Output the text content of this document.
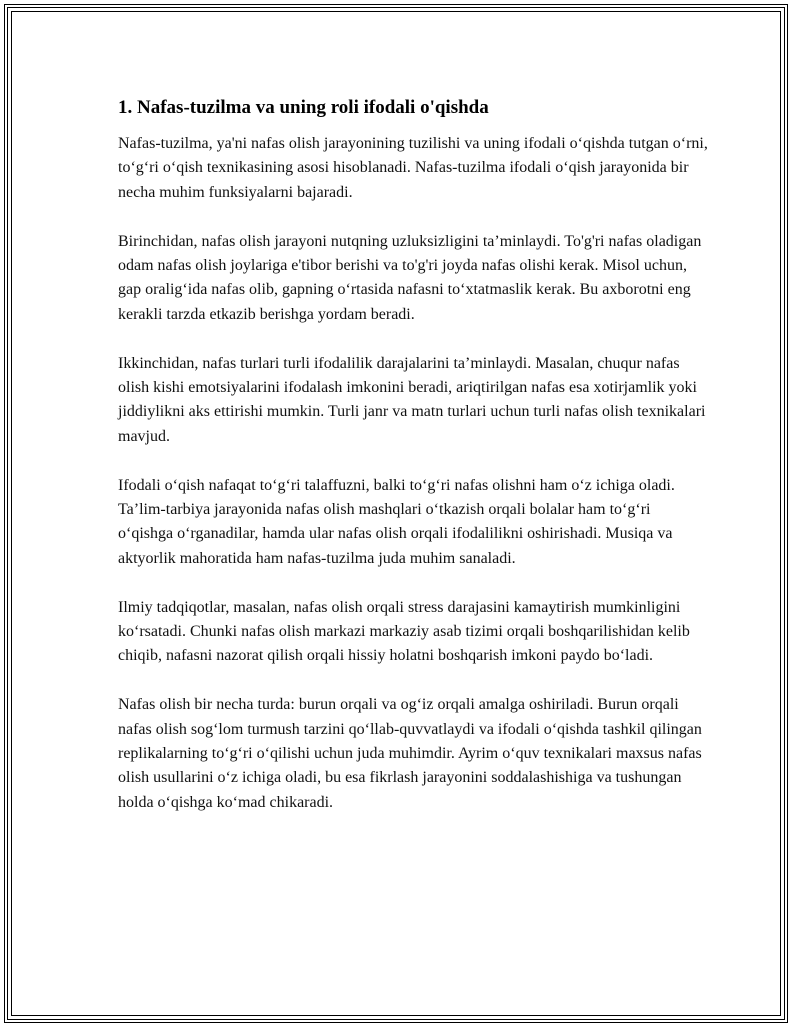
1. Nafas-tuzilma va uning roli ifodali o'qishda

Nafas-tuzilma, ya'ni nafas olish jarayonining tuzilishi va uning ifodali o‘qishda tutgan o‘rni, to‘g‘ri o‘qish texnikasining asosi hisoblanadi. Nafas-tuzilma ifodali o‘qish jarayonida bir necha muhim funksiyalarni bajaradi.

Birinchidan, nafas olish jarayoni nutqning uzluksizligini ta’minlaydi. To'g'ri nafas oladigan odam nafas olish joylariga e'tibor berishi va to'g'ri joyda nafas olishi kerak. Misol uchun, gap oralig‘ida nafas olib, gapning o‘rtasida nafasni to‘xtatmaslik kerak. Bu axborotni eng kerakli tarzda etkazib berishga yordam beradi.

Ikkinchidan, nafas turlari turli ifodalilik darajalarini ta’minlaydi. Masalan, chuqur nafas olish kishi emotsiyalarini ifodalash imkonini beradi, ariqtirilgan nafas esa xotirjamlik yoki jiddiylikni aks ettirishi mumkin. Turli janr va matn turlari uchun turli nafas olish texnikalari mavjud.

Ifodali o‘qish nafaqat to‘g‘ri talaffuzni, balki to‘g‘ri nafas olishni ham o‘z ichiga oladi. Ta’lim-tarbiya jarayonida nafas olish mashqlari o‘tkazish orqali bolalar ham to‘g‘ri o‘qishga o‘rganadilar, hamda ular nafas olish orqali ifodalilikni oshirishadi. Musiqa va aktyorlik mahoratida ham nafas-tuzilma juda muhim sanaladi.

Ilmiy tadqiqotlar, masalan, nafas olish orqali stress darajasini kamaytirish mumkinligini ko‘rsatadi. Chunki nafas olish markazi markaziy asab tizimi orqali boshqarilishidan kelib chiqib, nafasni nazorat qilish orqali hissiy holatni boshqarish imkoni paydo bo‘ladi.

Nafas olish bir necha turda: burun orqali va og‘iz orqali amalga oshiriladi. Burun orqali nafas olish sog‘lom turmush tarzini qo‘llab-quvvatlaydi va ifodali o‘qishda tashkil qilingan replikalarning to‘g‘ri o‘qilishi uchun juda muhimdir. Ayrim o‘quv texnikalari maxsus nafas olish usullarini o‘z ichiga oladi, bu esa fikrlash jarayonini soddalashishiga va tushungan holda o‘qishga ko‘mad chikaradi.
